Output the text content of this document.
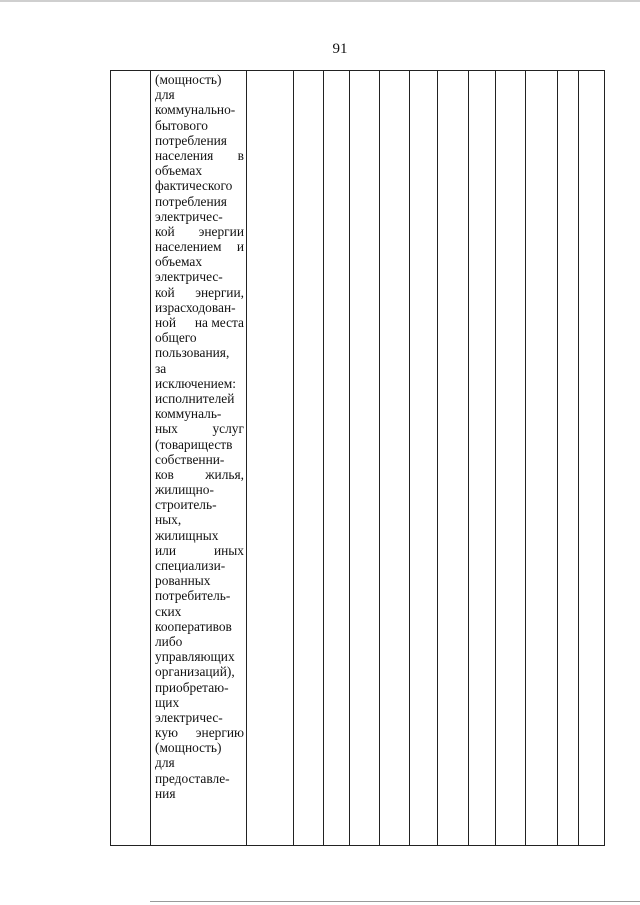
91

(мощность)
для
коммунально-
бытового
потребления
населения в
объемах
фактического
потребления
электричес-
кой энергии
населением и
объемах
электричес-
кой энергии,
израсходован-
ной на места
общего
пользования,
за
исключением:
исполнителей
коммуналь-
ных	услуг
(товариществ
собственни-
ков жилья,
жилищно-
строитель-
ных,
жилищных
или	иных
специализи-
рованных
потребитель-
ских
кооперативов
либо
управляющих
организаций),
приобретаю-
щих
электричес-
кую энергию
(мощность)
для
предоставле-
ния
